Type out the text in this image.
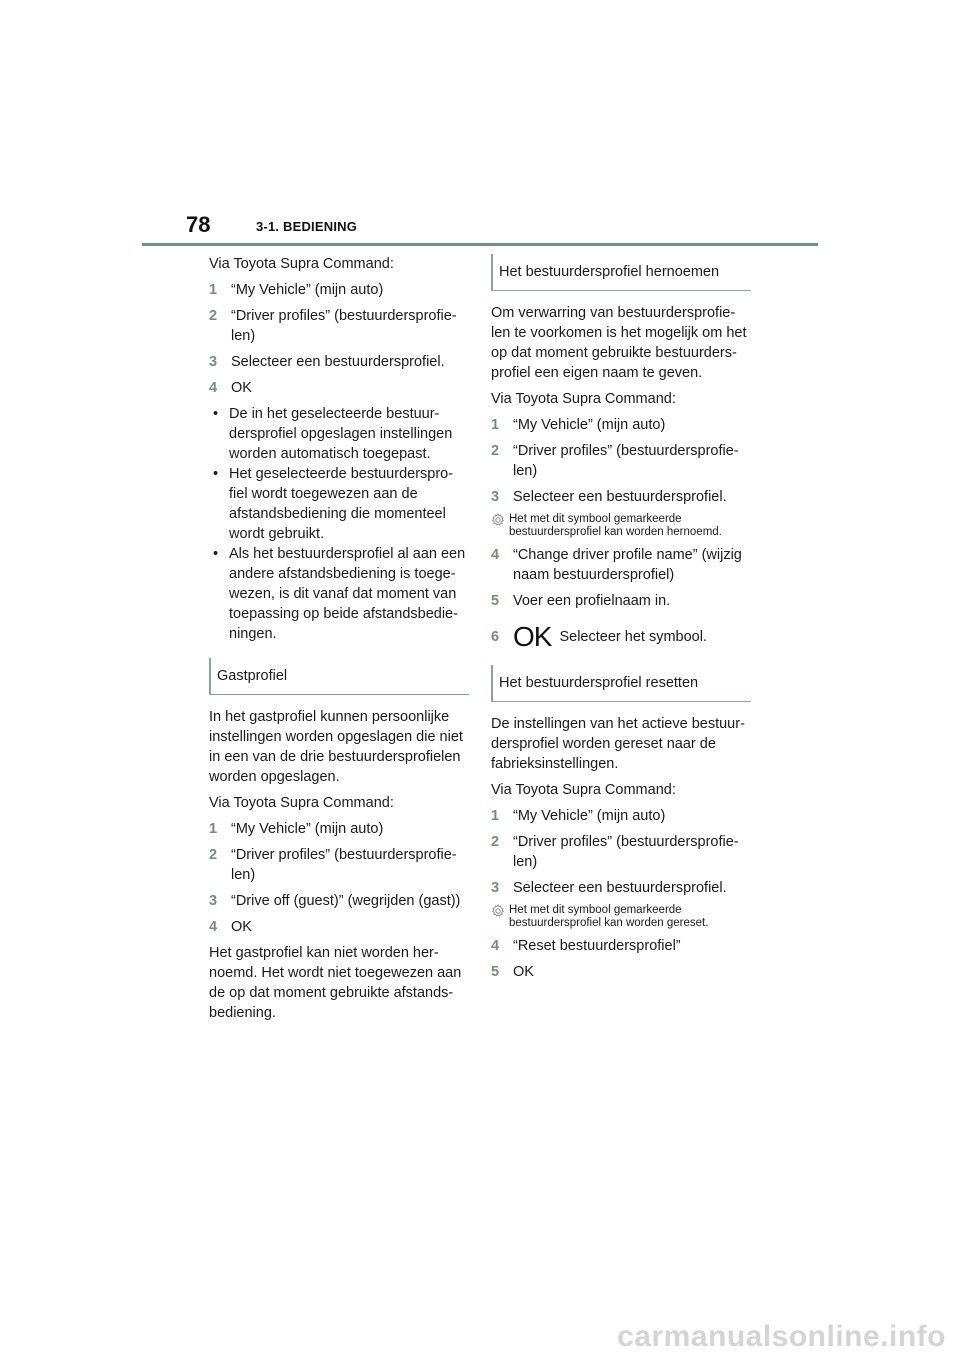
78	3-1. BEDIENING

Via Toyota Supra Command:

1 “My Vehicle” (mijn auto)
2 “Driver profiles” (bestuurdersprofie-len)
3 Selecteer een bestuurdersprofiel.
4 OK
• De in het geselecteerde bestuur-dersprofiel opgeslagen instellingen worden automatisch toegepast.
• Het geselecteerde bestuurderspro-fiel wordt toegewezen aan de afstandsbediening die momenteel wordt gebruikt.
• Als het bestuurdersprofiel al aan een andere afstandsbediening is toege-wezen, is dit vanaf dat moment van toepassing op beide afstandsbedie-ningen.
Gastprofiel

In het gastprofiel kunnen persoonlijke instellingen worden opgeslagen die niet in een van de drie bestuurdersprofielen worden opgeslagen.

Via Toyota Supra Command:

1 “My Vehicle” (mijn auto)
2 “Driver profiles” (bestuurdersprofie-len)
3 “Drive off (guest)” (wegrijden (gast))
4 OK

Het gastprofiel kan niet worden her-noemd. Het wordt niet toegewezen aan de op dat moment gebruikte afstands-bediening.

Het bestuurdersprofiel hernoemen

Om verwarring van bestuurdersprofie-len te voorkomen is het mogelijk om het op dat moment gebruikte bestuurders-profiel een eigen naam te geven.

Via Toyota Supra Command:

1 “My Vehicle” (mijn auto)
2 “Driver profiles” (bestuurdersprofie-len)
3 Selecteer een bestuurdersprofiel.
Het met dit symbool gemarkeerde bestuurdersprofiel kan worden hernoemd.
4 “Change driver profile name” (wijzig naam bestuurdersprofiel)
5 Voer een profielnaam in.
6 OK Selecteer het symbool.
Het bestuurdersprofiel resetten

De instellingen van het actieve bestuur-dersprofiel worden gereset naar de fabrieksinstellingen.

Via Toyota Supra Command:

1 “My Vehicle” (mijn auto)
2 “Driver profiles” (bestuurdersprofie-len)
3 Selecteer een bestuurdersprofiel.
Het met dit symbool gemarkeerde bestuurdersprofiel kan worden gereset.
4 “Reset bestuurdersprofiel”
5 OK
carmanualsonline.info
